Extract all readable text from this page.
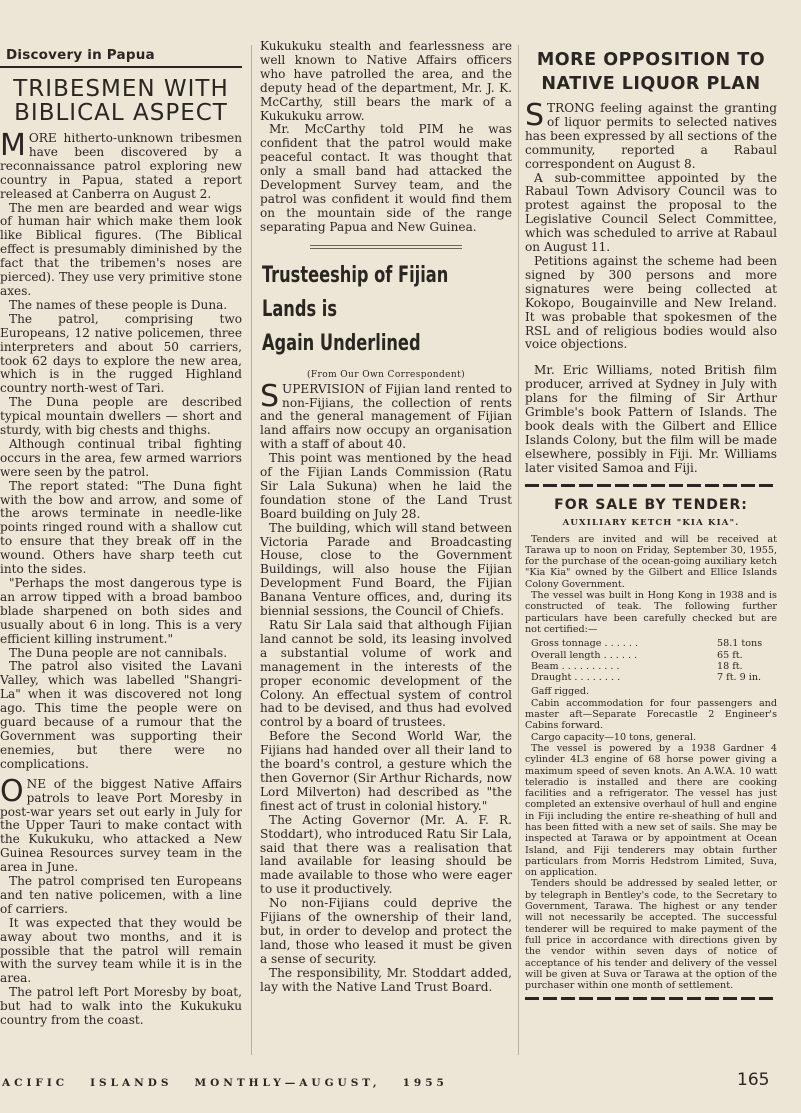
Discovery in Papua
TRIBESMEN WITH BIBLICAL ASPECT

MORE hitherto-unknown tribesmen have been discovered by a reconnaissance patrol exploring new country in Papua, stated a report released at Canberra on August 2.

The men are bearded and wear wigs of human hair which make them look like Biblical figures. (The Biblical effect is presumably diminished by the fact that the tribemen's noses are pierced). They use very primitive stone axes.

The names of these people is Duna.

The patrol, comprising two Europeans, 12 native policemen, three interpreters and about 50 carriers, took 62 days to explore the new area, which is in the rugged Highland country north-west of Tari.

The Duna people are described typical mountain dwellers — short and sturdy, with big chests and thighs.

Although continual tribal fighting occurs in the area, few armed warriors were seen by the patrol.

The report stated: "The Duna fight with the bow and arrow, and some of the arows terminate in needle-like points ringed round with a shallow cut to ensure that they break off in the wound. Others have sharp teeth cut into the sides.

"Perhaps the most dangerous type is an arrow tipped with a broad bamboo blade sharpened on both sides and usually about 6 in long. This is a very efficient killing instrument."

The Duna people are not cannibals.

The patrol also visited the Lavani Valley, which was labelled "Shangri-La" when it was discovered not long ago. This time the people were on guard because of a rumour that the Government was supporting their enemies, but there were no complications.

ONE of the biggest Native Affairs patrols to leave Port Moresby in post-war years set out early in July for the Upper Tauri to make contact with the Kukukuku, who attacked a New Guinea Resources survey team in the area in June.

The patrol comprised ten Europeans and ten native policemen, with a line of carriers.

It was expected that they would be away about two months, and it is possible that the patrol will remain with the survey team while it is in the area.

The patrol left Port Moresby by boat, but had to walk into the Kukukuku country from the coast.

Kukukuku stealth and fearlessness are well known to Native Affairs officers who have patrolled the area, and the deputy head of the department, Mr. J. K. McCarthy, still bears the mark of a Kukukuku arrow.

Mr. McCarthy told PIM he was confident that the patrol would make peaceful contact. It was thought that only a small band had attacked the Development Survey team, and the patrol was confident it would find them on the mountain side of the range separating Papua and New Guinea.

Trusteeship of Fijian
Lands is
Again Underlined

(From Our Own Correspondent)

SUPERVISION of Fijian land rented to non-Fijians, the collection of rents and the general management of Fijian land affairs now occupy an organisation with a staff of about 40.

This point was mentioned by the head of the Fijian Lands Commission (Ratu Sir Lala Sukuna) when he laid the foundation stone of the Land Trust Board building on July 28.

The building, which will stand between Victoria Parade and Broadcasting House, close to the Government Buildings, will also house the Fijian Development Fund Board, the Fijian Banana Venture offices, and, during its biennial sessions, the Council of Chiefs.

Ratu Sir Lala said that although Fijian land cannot be sold, its leasing involved a substantial volume of work and management in the interests of the proper economic development of the Colony. An effectual system of control had to be devised, and thus had evolved control by a board of trustees.

Before the Second World War, the Fijians had handed over all their land to the board's control, a gesture which the then Governor (Sir Arthur Richards, now Lord Milverton) had described as "the finest act of trust in colonial history."

The Acting Governor (Mr. A. F. R. Stoddart), who introduced Ratu Sir Lala, said that there was a realisation that land available for leasing should be made available to those who were eager to use it productively.

No non-Fijians could deprive the Fijians of the ownership of their land, but, in order to develop and protect the land, those who leased it must be given a sense of security.

The responsibility, Mr. Stoddart added, lay with the Native Land Trust Board.

MORE OPPOSITION TO
NATIVE LIQUOR PLAN

STRONG feeling against the granting of liquor permits to selected natives has been expressed by all sections of the community, reported a Rabaul correspondent on August 8.

A sub-committee appointed by the Rabaul Town Advisory Council was to protest against the proposal to the Legislative Council Select Committee, which was scheduled to arrive at Rabaul on August 11.

Petitions against the scheme had been signed by 300 persons and more signatures were being collected at Kokopo, Bougainville and New Ireland. It was probable that spokesmen of the RSL and of religious bodies would also voice objections.

Mr. Eric Williams, noted British film producer, arrived at Sydney in July with plans for the filming of Sir Arthur Grimble's book Pattern of Islands. The book deals with the Gilbert and Ellice Islands Colony, but the film will be made elsewhere, possibly in Fiji. Mr. Williams later visited Samoa and Fiji.

FOR SALE BY TENDER:
AUXILIARY KETCH "KIA KIA".

Tenders are invited and will be received at Tarawa up to noon on Friday, September 30, 1955, for the purchase of the ocean-going auxiliary ketch "Kia Kia" owned by the Gilbert and Ellice Islands Colony Government.

The vessel was built in Hong Kong in 1938 and is constructed of teak. The following further particulars have been carefully checked but are not certified:—

Gross tonnage . . . . . .	58.1 tons
Overall length . . . . . .	65 ft.
Beam . . . . . . . . . .	18 ft.
Draught . . . . . . . .	7 ft. 9 in.

Gaff rigged.

Cabin accommodation for four passengers and master aft—Separate Forecastle 2 Engineer's Cabins forward.

Cargo capacity—10 tons, general.

The vessel is powered by a 1938 Gardner 4 cylinder 4L3 engine of 68 horse power giving a maximum speed of seven knots. An A.W.A. 10 watt teleradio is installed and there are cooking facilities and a refrigerator. The vessel has just completed an extensive overhaul of hull and engine in Fiji including the entire re-sheathing of hull and has been fitted with a new set of sails. She may be inspected at Tarawa or by appointment at Ocean Island, and Fiji tenderers may obtain further particulars from Morris Hedstrom Limited, Suva, on application.

Tenders should be addressed by sealed letter, or by telegraph in Bentley's code, to the Secretary to Government, Tarawa. The highest or any tender will not necessarily be accepted. The successful tenderer will be required to make payment of the full price in accordance with directions given by the vendor within seven days of notice of acceptance of his tender and delivery of the vessel will be given at Suva or Tarawa at the option of the purchaser within one month of settlement.

ACIFIC ISLANDS MONTHLY—AUGUST, 1955	165
